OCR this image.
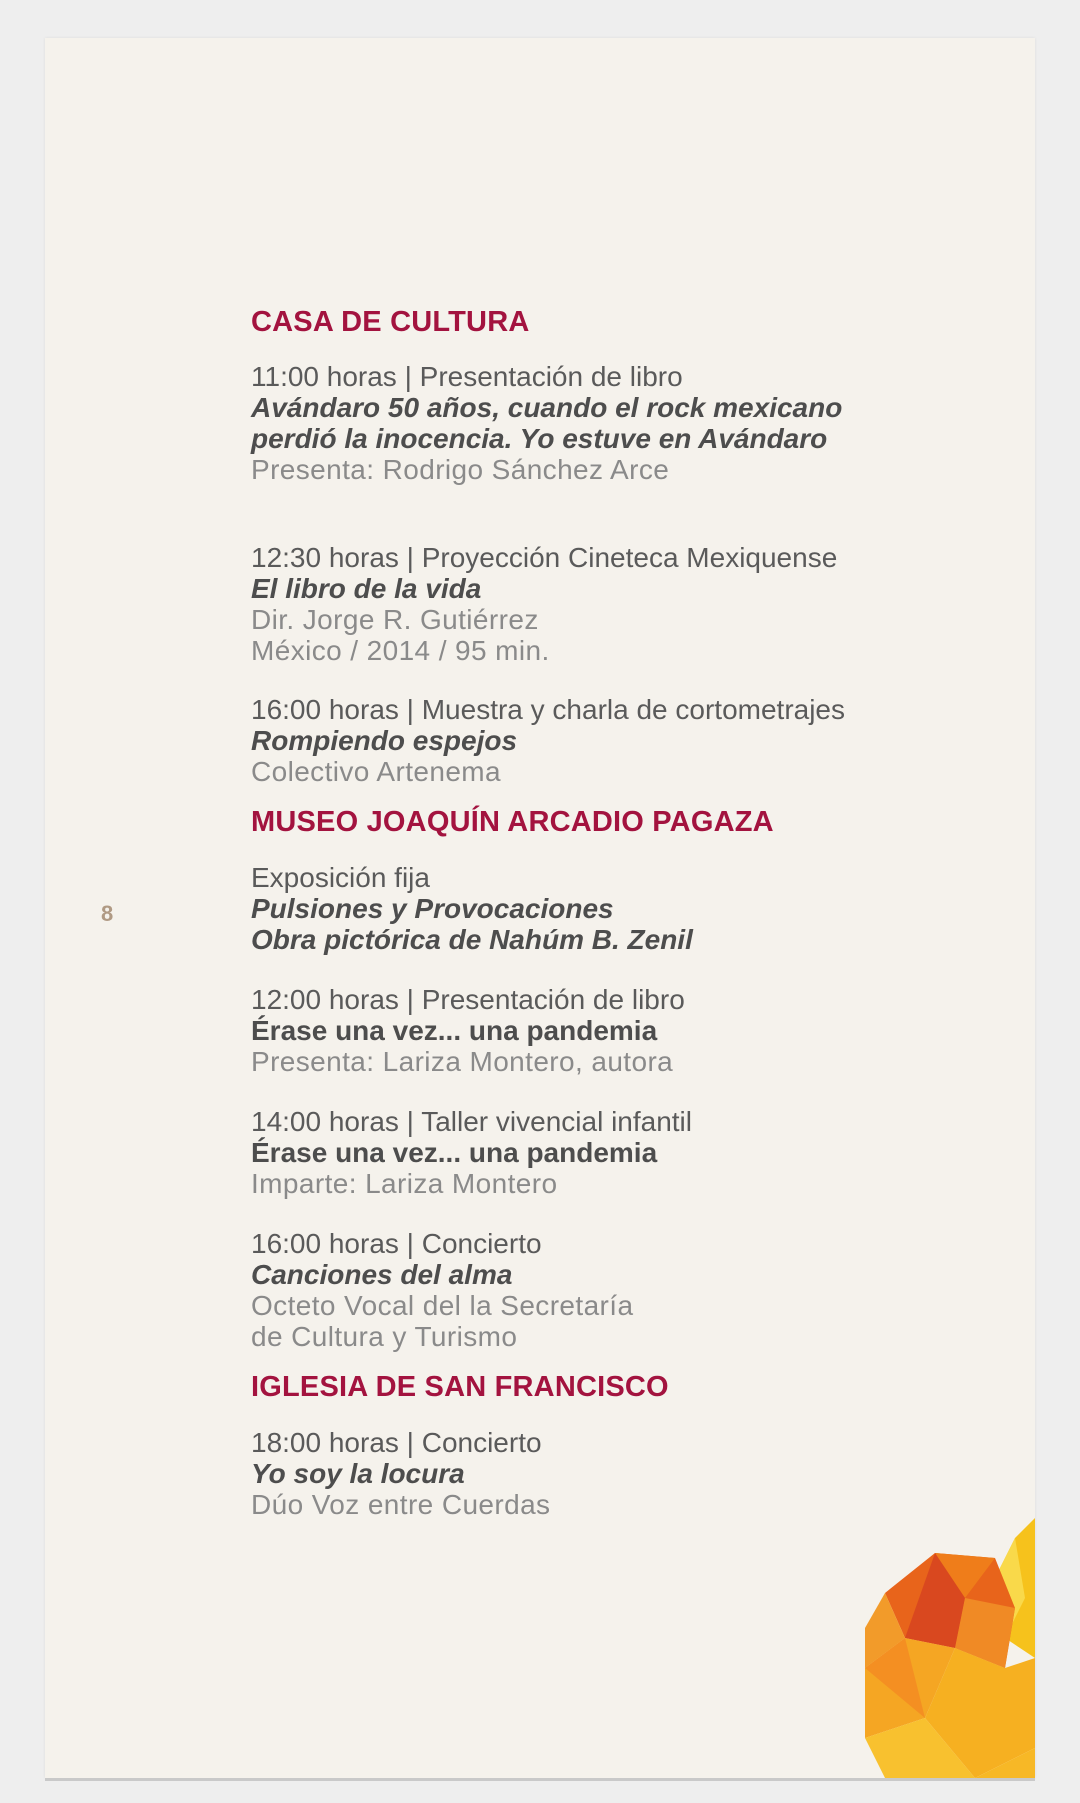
8
CASA DE CULTURA
11:00 horas | Presentación de libro
Avándaro 50 años, cuando el rock mexicano
perdió la inocencia. Yo estuve en Avándaro
Presenta: Rodrigo Sánchez Arce
12:30 horas | Proyección Cineteca Mexiquense
El libro de la vida
Dir. Jorge R. Gutiérrez
México / 2014 / 95 min.
16:00 horas | Muestra y charla de cortometrajes
Rompiendo espejos
Colectivo Artenema
MUSEO JOAQUÍN ARCADIO PAGAZA
Exposición fija
Pulsiones y Provocaciones
Obra pictórica de Nahúm B. Zenil
12:00 horas | Presentación de libro
Érase una vez... una pandemia
Presenta: Lariza Montero, autora
14:00 horas | Taller vivencial infantil
Érase una vez... una pandemia
Imparte: Lariza Montero
16:00 horas | Concierto
Canciones del alma
Octeto Vocal del la Secretaría
de Cultura y Turismo
IGLESIA DE SAN FRANCISCO
18:00 horas | Concierto
Yo soy la locura
Dúo Voz entre Cuerdas
